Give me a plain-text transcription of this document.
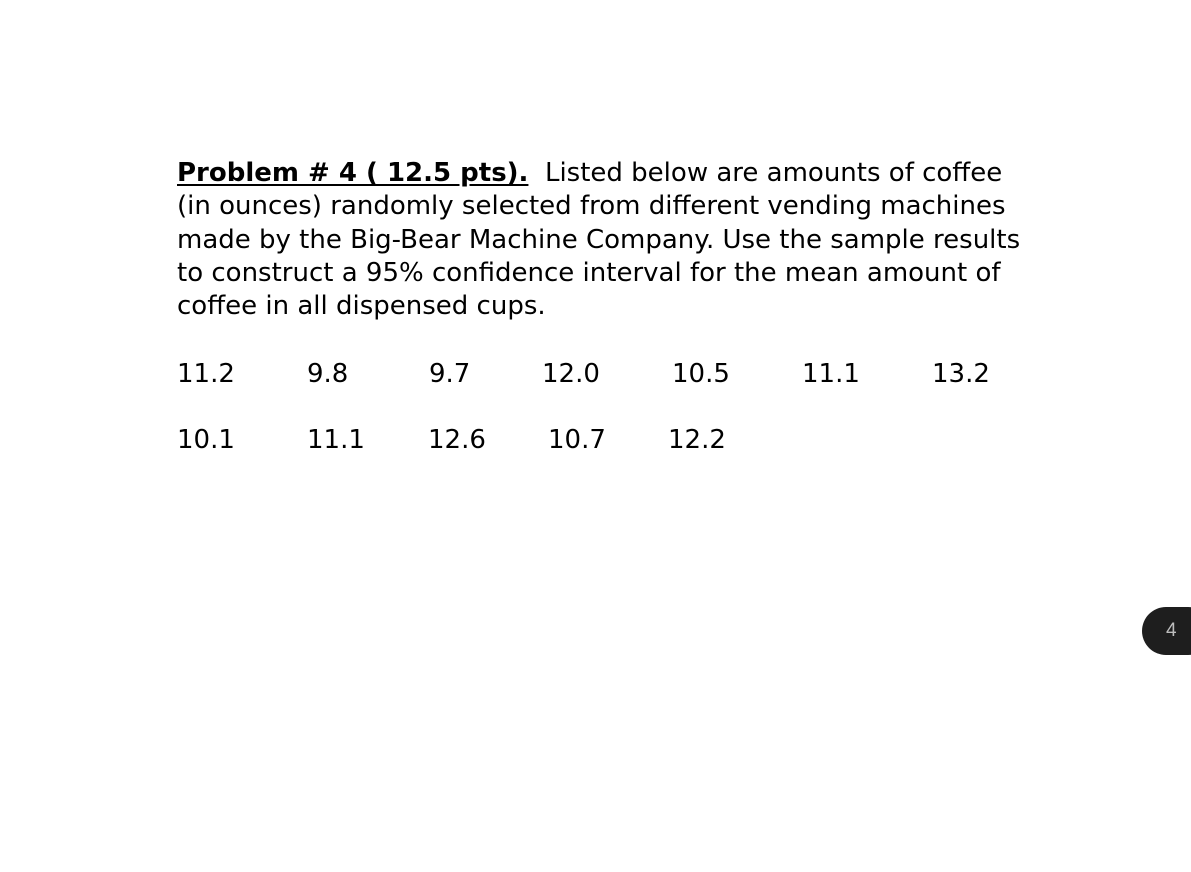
Problem # 4 ( 12.5 pts). Listed below are amounts of coffee (in ounces) randomly selected from different vending machines made by the Big-Bear Machine Company. Use the sample results to construct a 95% confidence interval for the mean amount of coffee in all dispensed cups.

11.2	9.8	9.7	12.0	10.5	11.1	13.2
10.1	11.1 12.6 10.7 12.2
4
